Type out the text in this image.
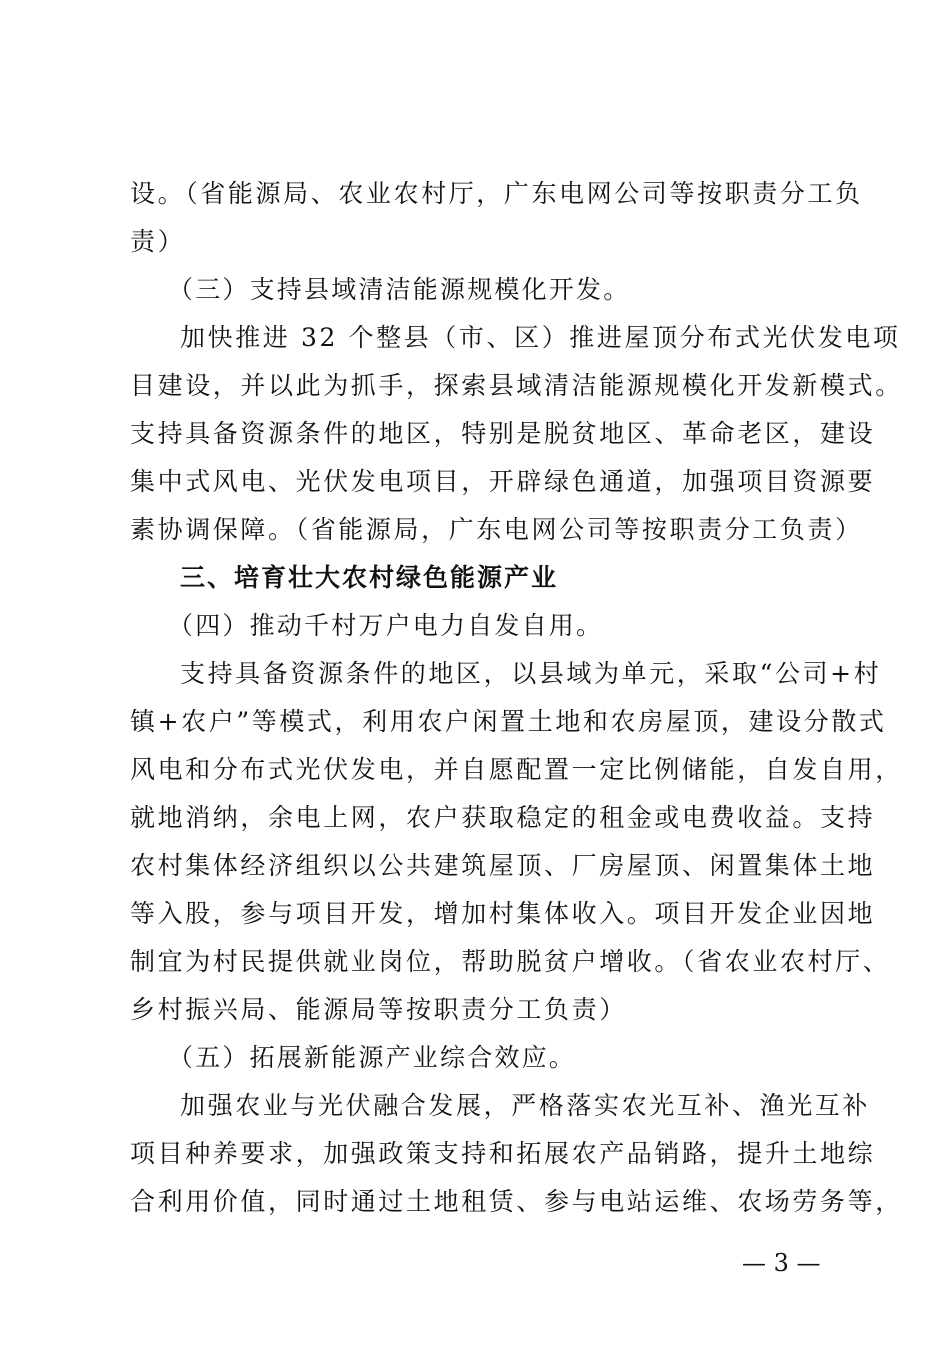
设。（省能源局、农业农村厅，广东电网公司等按职责分工负
责）
（三）支持县域清洁能源规模化开发。
加快推进 32 个整县（市、区）推进屋顶分布式光伏发电项
目建设，并以此为抓手，探索县域清洁能源规模化开发新模式。
支持具备资源条件的地区，特别是脱贫地区、革命老区，建设
集中式风电、光伏发电项目，开辟绿色通道，加强项目资源要
素协调保障。（省能源局，广东电网公司等按职责分工负责）
三、培育壮大农村绿色能源产业
（四）推动千村万户电力自发自用。
支持具备资源条件的地区，以县域为单元，采取“公司+村
镇+农户”等模式，利用农户闲置土地和农房屋顶，建设分散式
风电和分布式光伏发电，并自愿配置一定比例储能，自发自用，
就地消纳，余电上网，农户获取稳定的租金或电费收益。支持
农村集体经济组织以公共建筑屋顶、厂房屋顶、闲置集体土地
等入股，参与项目开发，增加村集体收入。项目开发企业因地
制宜为村民提供就业岗位，帮助脱贫户增收。（省农业农村厅、
乡村振兴局、能源局等按职责分工负责）
（五）拓展新能源产业综合效应。
加强农业与光伏融合发展，严格落实农光互补、渔光互补
项目种养要求，加强政策支持和拓展农产品销路，提升土地综
合利用价值，同时通过土地租赁、参与电站运维、农场劳务等，
— 3 —
